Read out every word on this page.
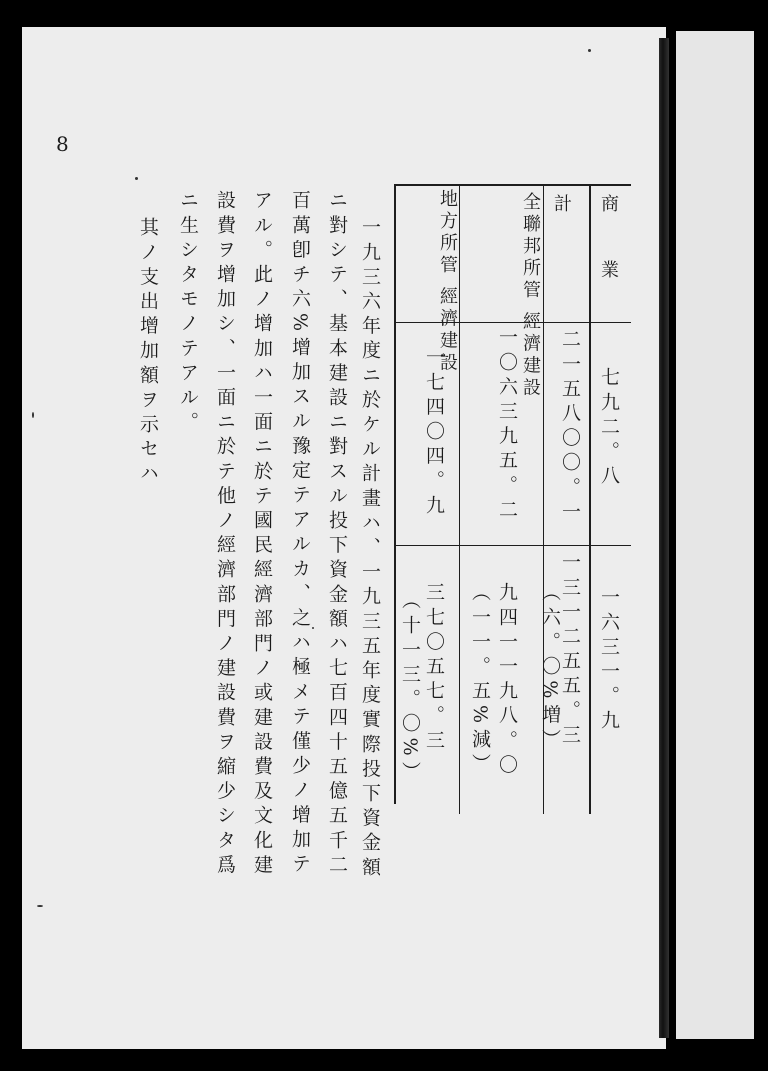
8
商　　業
七九二。八
一六三一。九
計
二一五八〇〇。一
一三一二五五。三
（六。〇%増）
全聯邦所管 經濟建設
一〇六三九五。二
九四一一九八。〇
（一一。五%減）
地方所管 經濟建設
一七四〇四。九
三七〇五七。三
（十一三。〇%）
一九三六年度ニ於ケル計畫ハ、一九三五年度實際投下資金額
ニ對シテ、基本建設ニ對スル投下資金額ハ七百四十五億五千二
百萬卽チ六%增加スル豫定テアルカ、之ハ極メテ僅少ノ增加テ
アル。此ノ增加ハ一面ニ於テ國民經濟部門ノ或建設費及文化建
設費ヲ增加シ、一面ニ於テ他ノ經濟部門ノ建設費ヲ縮少シタ爲
ニ生シタモノテアル。
其ノ支出增加額ヲ示セハ
